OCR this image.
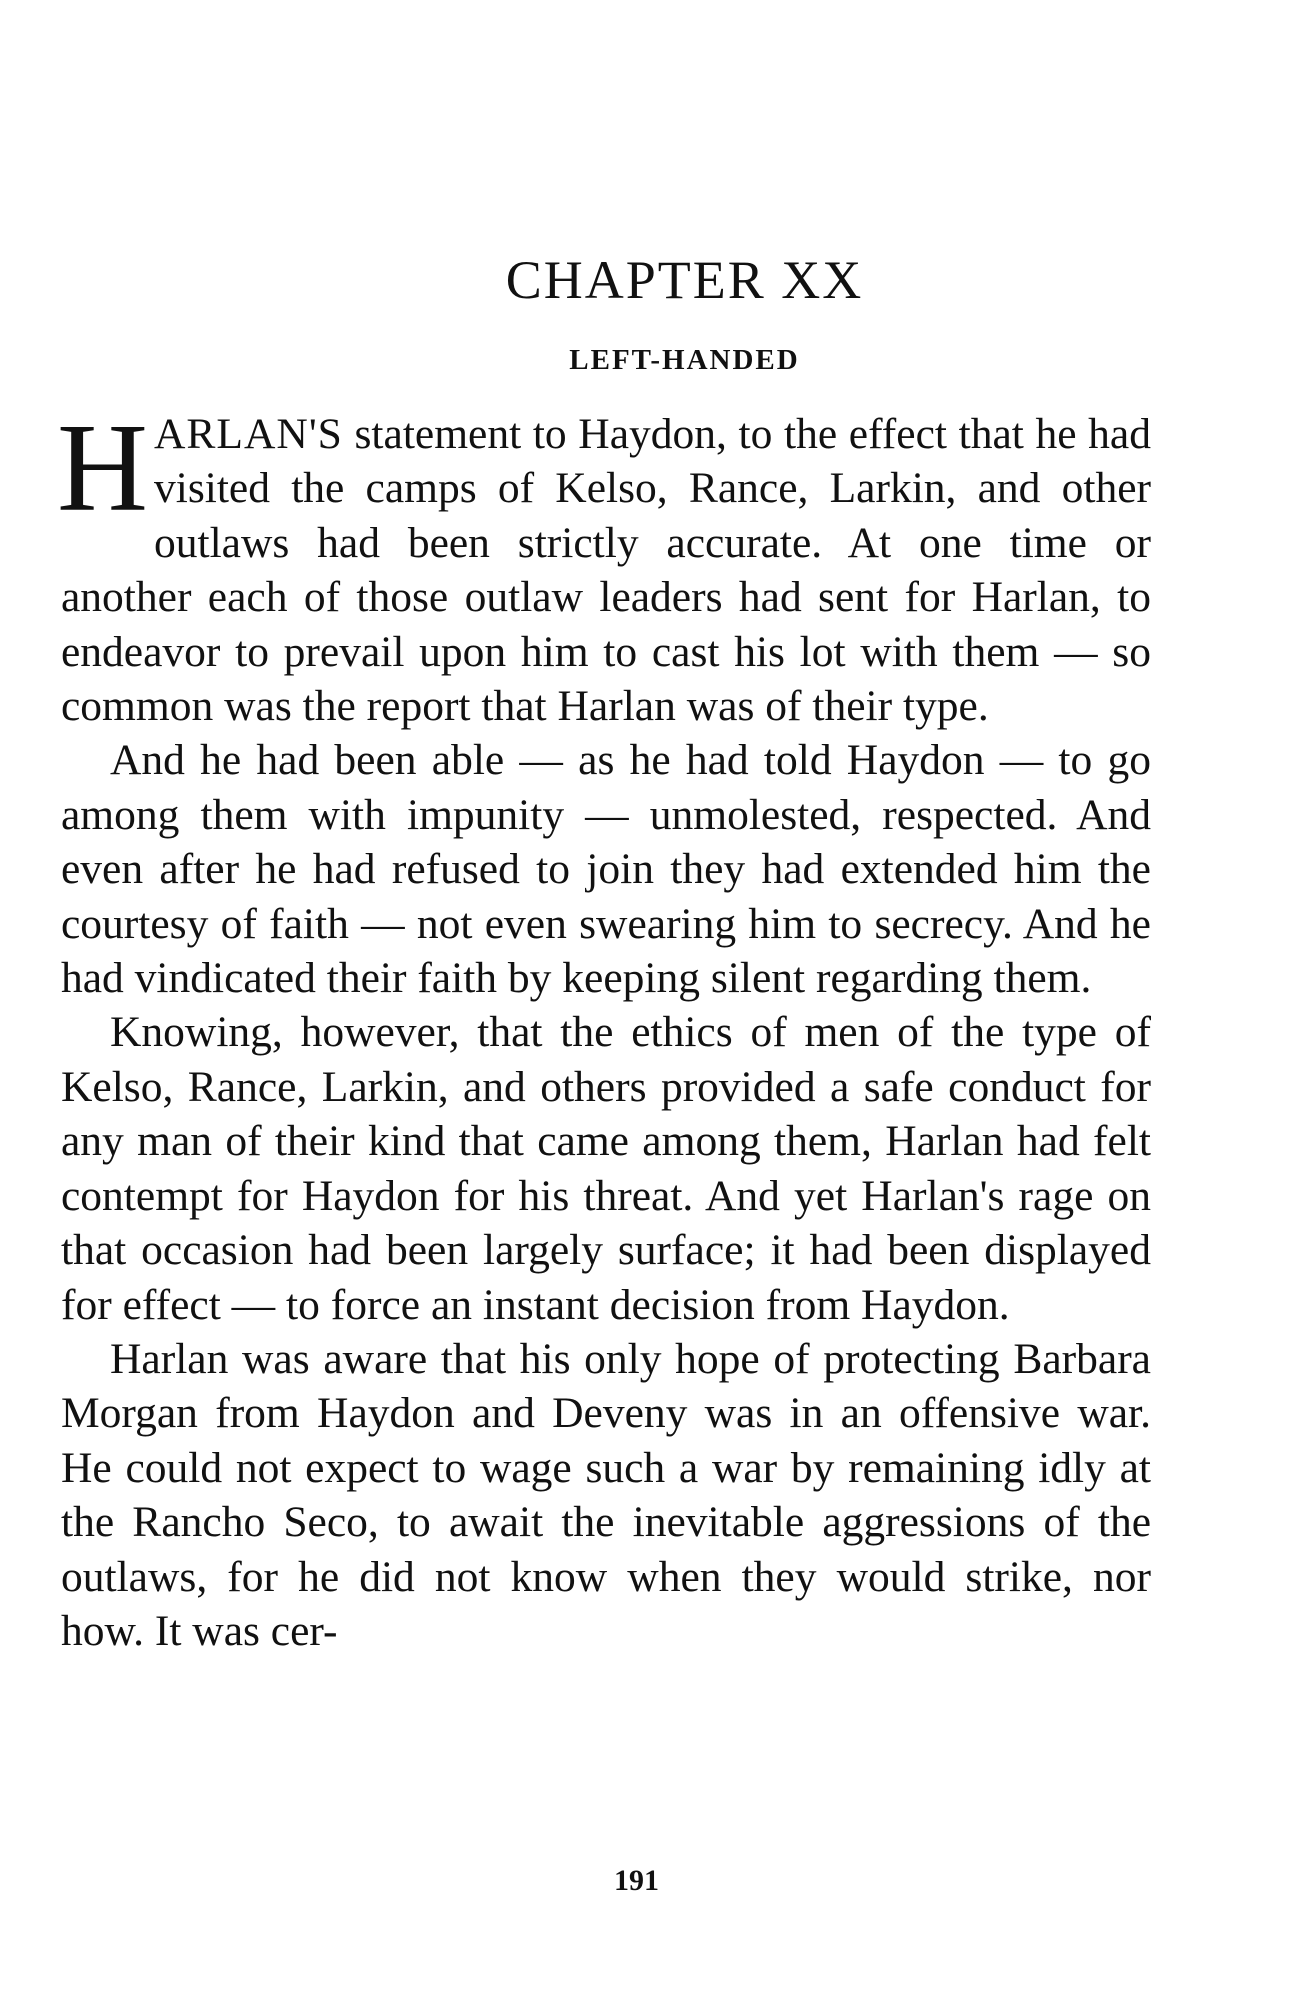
CHAPTER XX
LEFT-HANDED

HARLAN'S statement to Haydon, to the effect that he had visited the camps of Kelso, Rance, Larkin, and other outlaws had been strictly accurate. At one time or another each of those outlaw leaders had sent for Harlan, to endeavor to prevail upon him to cast his lot with them — so common was the report that Harlan was of their type.

And he had been able — as he had told Haydon — to go among them with impunity — unmolested, respected. And even after he had refused to join they had extended him the courtesy of faith — not even swearing him to secrecy. And he had vindicated their faith by keeping silent regarding them.

Knowing, however, that the ethics of men of the type of Kelso, Rance, Larkin, and others provided a safe conduct for any man of their kind that came among them, Harlan had felt contempt for Haydon for his threat. And yet Harlan's rage on that occasion had been largely surface; it had been displayed for effect — to force an instant decision from Haydon.

Harlan was aware that his only hope of protecting Barbara Morgan from Haydon and Deveny was in an offensive war. He could not expect to wage such a war by remaining idly at the Rancho Seco, to await the inevitable aggressions of the outlaws, for he did not know when they would strike, nor how. It was cer-

191
